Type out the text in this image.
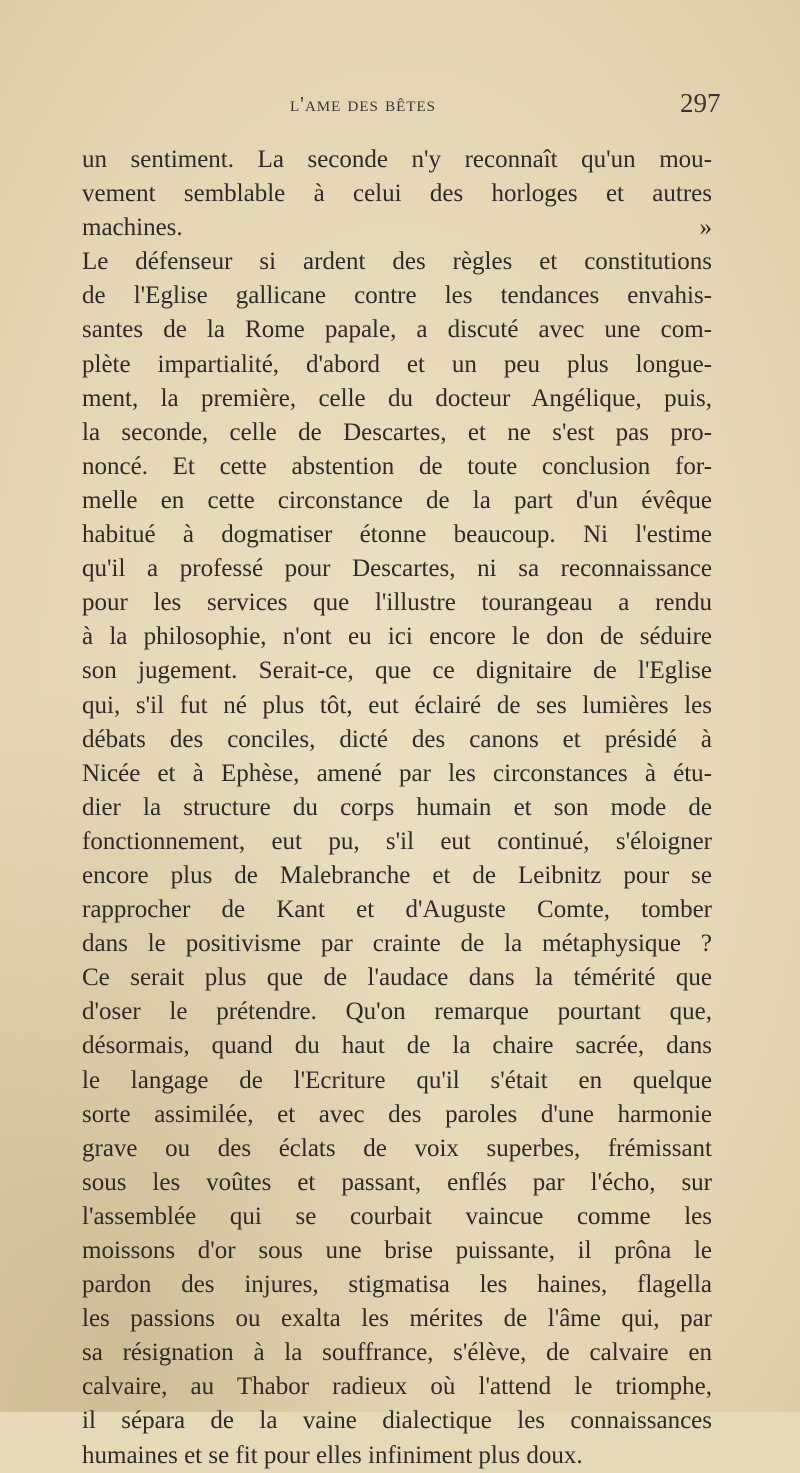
l'ame des bêtes	297
un sentiment. La seconde n'y reconnaît qu'un mou-
vement semblable à celui des horloges et autres
machines. »
Le défenseur si ardent des règles et constitutions
de l'Eglise gallicane contre les tendances envahis-
santes de la Rome papale, a discuté avec une com-
plète impartialité, d'abord et un peu plus longue-
ment, la première, celle du docteur Angélique, puis,
la seconde, celle de Descartes, et ne s'est pas pro-
noncé. Et cette abstention de toute conclusion for-
melle en cette circonstance de la part d'un évêque
habitué à dogmatiser étonne beaucoup. Ni l'estime
qu'il a professé pour Descartes, ni sa reconnaissance
pour les services que l'illustre tourangeau a rendu
à la philosophie, n'ont eu ici encore le don de séduire
son jugement. Serait-ce, que ce dignitaire de l'Eglise
qui, s'il fut né plus tôt, eut éclairé de ses lumières les
débats des conciles, dicté des canons et présidé à
Nicée et à Ephèse, amené par les circonstances à étu-
dier la structure du corps humain et son mode de
fonctionnement, eut pu, s'il eut continué, s'éloigner
encore plus de Malebranche et de Leibnitz pour se
rapprocher de Kant et d'Auguste Comte, tomber
dans le positivisme par crainte de la métaphysique ?
Ce serait plus que de l'audace dans la témérité que
d'oser le prétendre. Qu'on remarque pourtant que,
désormais, quand du haut de la chaire sacrée, dans
le langage de l'Ecriture qu'il s'était en quelque
sorte assimilée, et avec des paroles d'une harmonie
grave ou des éclats de voix superbes, frémissant
sous les voûtes et passant, enflés par l'écho, sur
l'assemblée qui se courbait vaincue comme les
moissons d'or sous une brise puissante, il prôna le
pardon des injures, stigmatisa les haines, flagella
les passions ou exalta les mérites de l'âme qui, par
sa résignation à la souffrance, s'élève, de calvaire en
calvaire, au Thabor radieux où l'attend le triomphe,
il sépara de la vaine dialectique les connaissances
humaines et se fit pour elles infiniment plus doux.
